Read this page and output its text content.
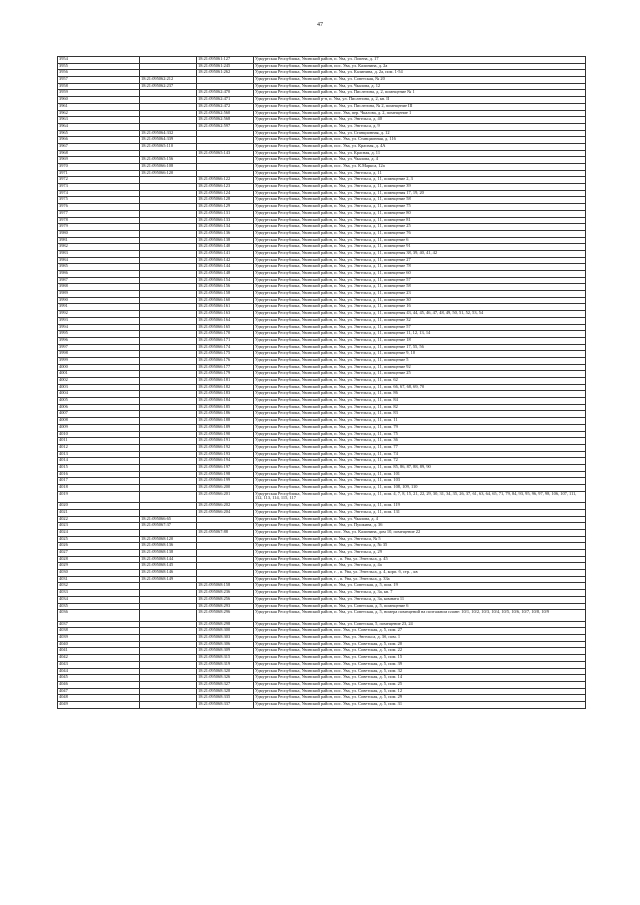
47
3954		18:21:095061:127	Удмуртская Республика, Увинский район, п. Ува, ул. Лопена, д. 17
3955		18:21:095061:245	Удмуртская Республика, Увинский район, пос. Ува, ул. Калинина, д. 2а
3956		18:21:095061:262	Удмуртская Республика, Увинский район, п. Ува, ул. Калинина, д. 2а, пом. 1-54
3957	18:21:095062:212		Удмуртская Республика, Увинский район, п. Ува, ул. Советская, № 20
3958	18:21:095062:237		Удмуртская Республика, Увинский район, п. Ува, ул. Чкалова, д. 12
3959		18:21:095062:470	Удмуртская Республика, Увинский район, п. Ува, ул. Пислегина, д. 2, помещение № 1
3960		18:21:095062:471	Удмуртская Республика, Увинский р-н, п. Ува, ул. Пислегина, д. 2, кв. II
3961		18:21:095062:472	Удмуртская Республика, Увинский район, п. Ува, ул. Пислегина, № 2, помещение III
3962		18:21:095062:560	Удмуртская Республика, Увинский район, пос. Ува, пер. Чкалова, д. 2, помещение 1
3963		18:21:095062:568	Удмуртская Республика, Увинский район, п. Ува, ул. Энгельса, д. 40
3964		18:21:095062:597	Удмуртская Республика, Увинский район, п. Ува, ул. Энгельса, д. 9
3965	18:21:095064:332		Удмуртская Республика, Увинский район, п. Ува, ул. Станционная, д. 12
3966	18:21:095064:339		Удмуртская Республика, Увинский район, пос. Ува, ул. Станционная, д. 116
3967	18:21:095065:110		Удмуртская Республика, Увинский район, пос. Ува, ул. Красная, д. 4А
3968		18:21:095065:143	Удмуртская Республика, Увинский район, п. Ува, ул. Красная, д. 11
3969	18:21:095065:156		Удмуртская Республика, Увинский район, п. Ува, ул. Чкалова, д. 4
3970	18:21:095066:108		Удмуртская Республика, Увинский район, пос. Ува, ул. К.Маркса, 12а
3971	18:21:095066:120		Удмуртская Республика, Увинский район, п. Ува, ул. Энгельса, д. 11
3972		18:21:095066:122	Удмуртская Республика, Увинский район, п. Ува, ул. Энгельса, д. 11, помещение 2, 3
3973		18:21:095066:123	Удмуртская Республика, Увинский район, п. Ува, ул. Энгельса, д. 11, помещение 39
3974		18:21:095066:124	Удмуртская Республика, Увинский район, п. Ува, ул. Энгельса, д. 11, помещения 17, 19, 20
3975		18:21:095066:128	Удмуртская Республика, Увинский район, п. Ува, ул. Энгельса, д. 11, помещение 58
3976		18:21:095066:129	Удмуртская Республика, Увинский район, п. Ува, ул. Энгельса, д. 11, помещение 75
3977		18:21:095066:131	Удмуртская Республика, Увинский район, п. Ува, ул. Энгельса, д. 11, помещение 80
3978		18:21:095066:133	Удмуртская Республика, Увинский район, п. Ува, ул. Энгельса, д. 11, помещение 81
3979		18:21:095066:134	Удмуртская Республика, Увинский район, п. Ува, ул. Энгельса, д. 11, помещение 25
3980		18:21:095066:136	Удмуртская Республика, Увинский район, п. Ува, ул. Энгельса, д. 11, помещение 76
3981		18:21:095066:138	Удмуртская Республика, Увинский район, п. Ува, ул. Энгельса, д. 11, помещение 6
3982		18:21:095066:140	Удмуртская Республика, Увинский район, п. Ува, ул. Энгельса, д. 11, помещение 91
3983		18:21:095066:141	Удмуртская Республика, Увинский район, п. Ува, ул. Энгельса, д. 11, помещения 38, 39, 40, 41, 42
3984		18:21:095066:142	Удмуртская Республика, Увинский район, п. Ува, ул. Энгельса, д. 11, помещение 27
3985		18:21:095066:144	Удмуртская Республика, Увинский район, п. Ува, ул. Энгельса, д. 11, помещение 78
3986		18:21:095066:148	Удмуртская Республика, Увинский район, п. Ува, ул. Энгельса, д. 11, помещение 60
3987		18:21:095066:154	Удмуртская Республика, Увинский район, п. Ува, ул. Энгельса, д. 11, помещение 57
3988		18:21:095066:156	Удмуртская Республика, Увинский район, п. Ува, ул. Энгельса, д. 11, помещение 58
3989		18:21:095066:158	Удмуртская Республика, Увинский район, п. Ува, ул. Энгельса, д. 11, помещение 23
3990		18:21:095066:160	Удмуртская Республика, Увинский район, п. Ува, ул. Энгельса, д. 11, помещение 30
3991		18:21:095066:161	Удмуртская Республика, Увинский район, п. Ува, ул. Энгельса, д. 11, помещение 16
3992		18:21:095066:163	Удмуртская Республика, Увинский район, п. Ува, ул. Энгельса, д. 11, помещения 43, 44, 45, 46, 47, 48, 49, 50, 51, 52, 53, 54
3993		18:21:095066:164	Удмуртская Республика, Увинский район, п. Ува, ул. Энгельса, д. 11, помещение 32
3994		18:21:095066:165	Удмуртская Республика, Увинский район, п. Ува, ул. Энгельса, д. 11, помещение 57
3995		18:21:095066:170	Удмуртская Республика, Увинский район, п. Ува, ул. Энгельса, д. 11, помещение 11, 12, 13, 14
3996		18:21:095066:171	Удмуртская Республика, Увинский район, п. Ува, ул. Энгельса, д. 11, помещение 18
3997		18:21:095066:174	Удмуртская Республика, Увинский район, п. Ува, ул. Энгельса, д. 11, помещение 17, 55, 56
3998		18:21:095066:175	Удмуртская Республика, Увинский район, п. Ува, ул. Энгельса, д. 11, помещение 9, 10
3999		18:21:095066:176	Удмуртская Республика, Увинский район, п. Ува, ул. Энгельса, д. 11, помещение 5
4000		18:21:095066:177	Удмуртская Республика, Увинский район, п. Ува, ул. Энгельса, д. 11, помещение 92
4001		18:21:095066:179	Удмуртская Республика, Увинский район, п. Ува, ул. Энгельса, д. 11, помещение 25
4002		18:21:095066:181	Удмуртская Республика, Увинский район, п. Ува, ул. Энгельса, д. 11, пом. 62
4003		18:21:095066:182	Удмуртская Республика, Увинский район, п. Ува, ул. Энгельса, д. 11, пом. 66, 67, 68, 69, 70
4004		18:21:095066:183	Удмуртская Республика, Увинский район, п. Ува, ул. Энгельса, д. 11, пом. 86
4005		18:21:095066:184	Удмуртская Республика, Увинский район, п. Ува, ул. Энгельса, д. 11, пом. 84
4006		18:21:095066:185	Удмуртская Республика, Увинский район, п. Ува, ул. Энгельса, д. 11, пом. 82
4007		18:21:095066:186	Удмуртская Республика, Увинский район, п. Ува, ул. Энгельса, д. 11, пом. 83
4008		18:21:095066:188	Удмуртская Республика, Увинский район, п. Ува, ул. Энгельса, д. 11, пом. 11
4009		18:21:095066:189	Удмуртская Республика, Увинский район, п. Ува, ул. Энгельса, д. 11, пом. 79
4010		18:21:095066:190	Удмуртская Республика, Увинский район, п. Ува, ул. Энгельса, д. 11, пом. 75
4011		18:21:095066:191	Удмуртская Республика, Увинский район, п. Ува, ул. Энгельса, д. 11, пом. 36
4012		18:21:095066:192	Удмуртская Республика, Увинский район, п. Ува, ул. Энгельса, д. 11, пом. 77
4013		18:21:095066:193	Удмуртская Республика, Увинский район, п. Ува, ул. Энгельса, д. 11, пом. 74
4014		18:21:095066:194	Удмуртская Республика, Увинский район, п. Ува, ул. Энгельса, д. 11, пом. 72
4015		18:21:095066:197	Удмуртская Республика, Увинский район, п. Ува, ул. Энгельса, д. 11, пом. 85, 86, 87, 88, 89, 90
4016		18:21:095066:198	Удмуртская Республика, Увинский район, п. Ува, ул. Энгельса, д. 11, пом. 101
4017		18:21:095066:199	Удмуртская Республика, Увинский район, п. Ува, ул. Энгельса, д. 11, пом. 103
4018		18:21:095066:200	Удмуртская Республика, Увинский район, п. Ува, ул. Энгельса, д. 11, пом. 108, 109, 110
4019		18:21:095066:201	Удмуртская Республика, Увинский район, п. Ува, ул. Энгельса, д. 11, пом. 4, 7, 8, 15, 21, 22, 29, 30, 31, 34, 35, 26, 37, 61, 63, 64, 65, 71, 79, 84, 93, 95, 96, 97, 98, 106, 107, 111, 112, 113, 114, 115, 117
4020		18:21:095066:202	Удмуртская Республика, Увинский район, п. Ува, ул. Энгельса, д. 11, пом. 119
4021		18:21:095066:204	Удмуртская Республика, Увинский район, п. Ува, ул. Энгельса, д. 11, пом. 131
4022	18:21:095066:65		Удмуртская Республика, Увинский район, п. Ува, ул. Чкалова, д. 4
4023	18:21:095067:37		Удмуртская Республика, Увинский район, п. Ува, ул. Пушкина, д. 36
4024		18:21:095067:88	Удмуртская Республика, Увинский район, пос. Ува, ул. Калинина, дом 10, помещение 22
4025	18:21:095068:120		Удмуртская Республика, Увинский район, п. Ува, ул. Энгельса, № 5
4026	18:21:095068:136		Удмуртская Республика, Увинский район, п. Ува, ул. Энгельса, д. № 35
4027	18:21:095068:138		Удмуртская Республика, Увинский район, п. Ува, ул. Энгельса, д. 29
4028	18:21:095068:144		Удмуртская Республика, Увинский район, г. , п. Ува, ул. Энгельса, д. 45
4029	18:21:095068:145		Удмуртская Республика, Увинский район, п. Ува, ул. Энгельса, д. 4а
4030	18:21:095068:146		Удмуртская Республика, Увинский район, г. , п. Ува, ул. Энгельса, д. 4, корп. б, стр. , кв
4031	18:21:095068:149		Удмуртская Республика, Увинский район, г. , п. Ува, ул. Энгельса, д. 33а
4032		18:21:095068:158	Удмуртская Республика, Увинский район, п. Ува, ул. Советская, д. 5, пом. 19
4033		18:21:095068:236	Удмуртская Республика, Увинский район, п. Ува, ул. Энгельса, д. 3а, кв. 7
4034		18:21:095068:256	Удмуртская Республика, Увинский район, п. Ува, ул. Энгельса, д. 3а, комната 11
4035		18:21:095068:293	Удмуртская Республика, Увинский район, п. Ува, ул. Советская, д. 5, помещение 6
4036		18:21:095068:296	Удмуртская Республика, Увинский район, п. Ува, ул. Советская, д. 5, номера помещений на поэтажном плане: 10/1, 10/2, 10/3, 10/4, 10/5, 10/6, 10/7, 10/8, 10/9
4037		18:21:095068:298	Удмуртская Республика, Увинский район, п. Ува, ул. Советская, 5, помещение 23, 24
4038		18:21:095068:300	Удмуртская Республика, Увинский район, пос. Ува, ул. Советская, д. 5, пом. 27
4039		18:21:095068:303	Удмуртская Республика, Увинский район, пос. Ува, ул. Энгельса, д. 3б, пом. 1
4040		18:21:095068:306	Удмуртская Республика, Увинский район, пос. Ува, ул. Советская, д. 5, пом. 20
4041		18:21:095068:309	Удмуртская Республика, Увинский район, пос. Ува, ул. Советская, д. 5, пом. 22
4042		18:21:095068:315	Удмуртская Республика, Увинский район, пос. Ува, ул. Советская, д. 5, пом. 15
4043		18:21:095068:319	Удмуртская Республика, Увинский район, пос. Ува, ул. Советская, д. 5, пом. 39
4044		18:21:095068:320	Удмуртская Республика, Увинский район, пос. Ува, ул. Советская, д. 5, пом. 32
4045		18:21:095068:326	Удмуртская Республика, Увинский район, пос. Ува, ул. Советская, д. 5, пом. 14
4046		18:21:095068:327	Удмуртская Республика, Увинский район, пос. Ува, ул. Советская, д. 5, пом. 25
4047		18:21:095068:328	Удмуртская Республика, Увинский район, пос. Ува, ул. Советская, д. 5, пом. 12
4048		18:21:095068:335	Удмуртская Республика, Увинский район, пос. Ува, ул. Советская, д. 5, пом. 29
4049		18:21:095068:337	Удмуртская Республика, Увинский район, пос. Ува, ул. Советская, д. 5, пом. 31
